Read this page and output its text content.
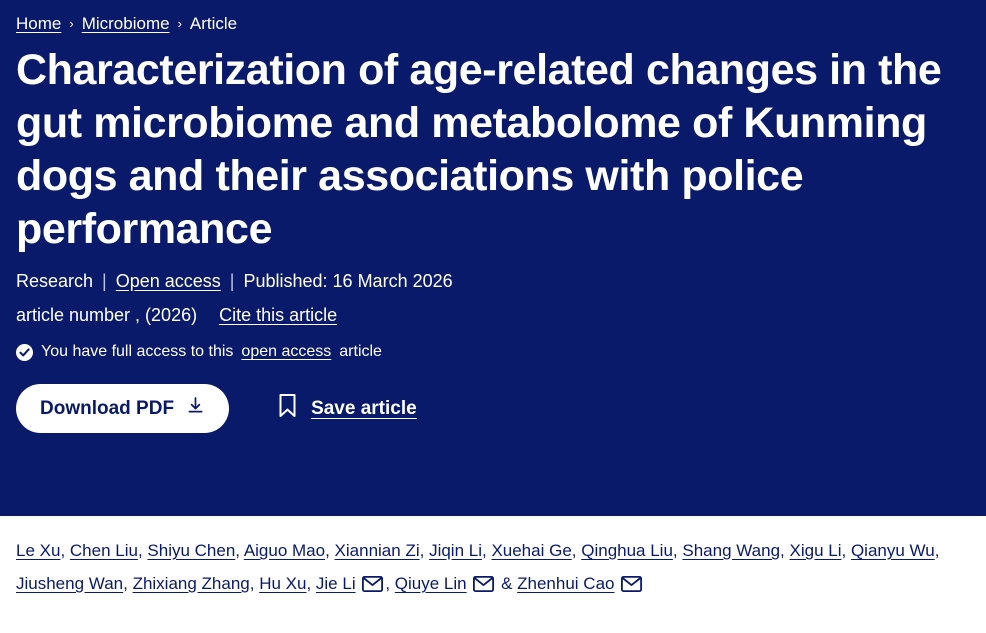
Home › Microbiome › Article
Characterization of age-related changes in the gut microbiome and metabolome of Kunming dogs and their associations with police performance
Research | Open access | Published: 16 March 2026
article number , (2026) Cite this article
You have full access to this open access article
Download PDF	Save article
Le Xu, Chen Liu, Shiyu Chen, Aiguo Mao, Xiannian Zi, Jiqin Li, Xuehai Ge, Qinghua Liu, Shang Wang, Xigu Li, Qianyu Wu, Jiusheng Wan, Zhixiang Zhang, Hu Xu, Jie Li , Qiuye Lin  & Zhenhui Cao
